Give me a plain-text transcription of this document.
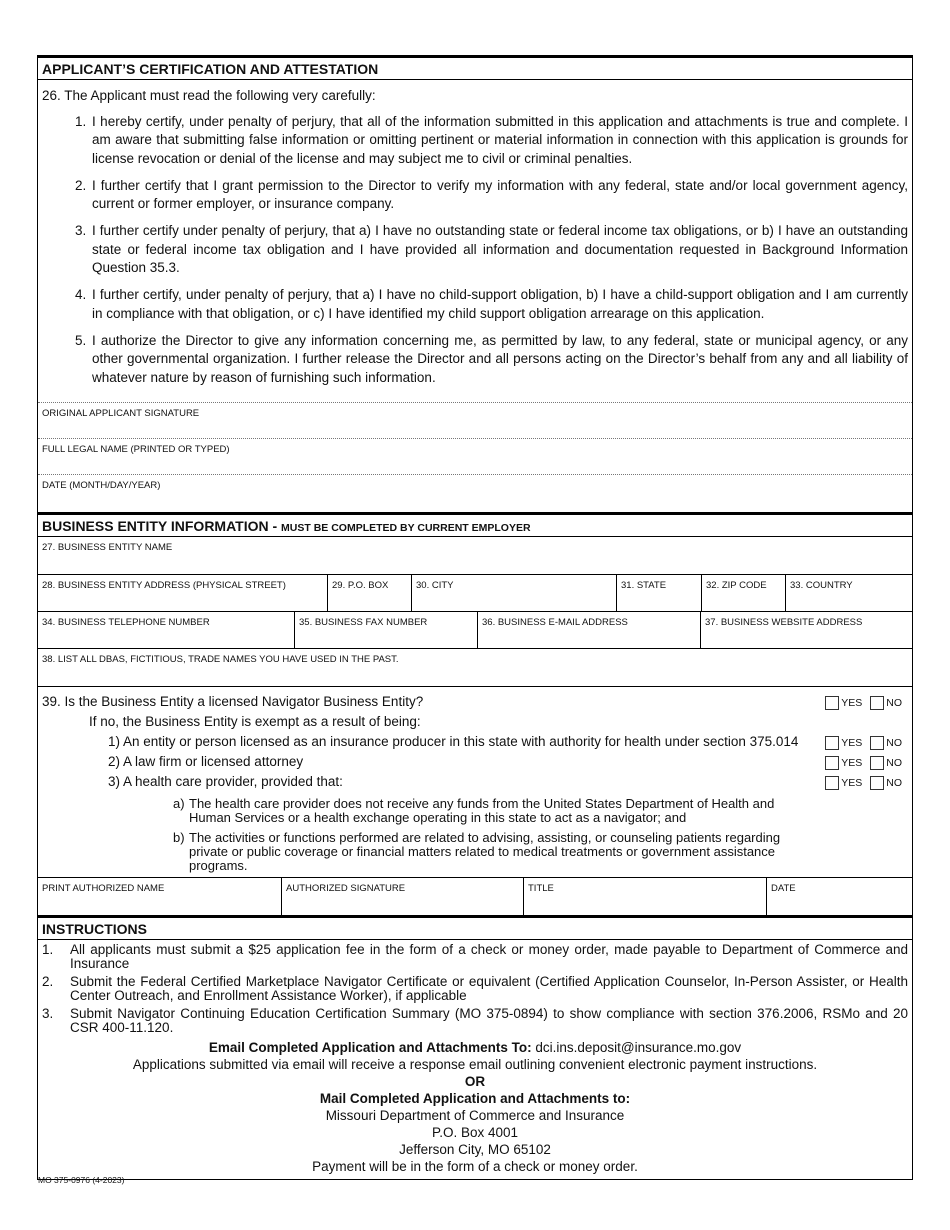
APPLICANT’S CERTIFICATION AND ATTESTATION
26. The Applicant must read the following very carefully:
1. I hereby certify, under penalty of perjury, that all of the information submitted in this application and attachments is true and complete. I am aware that submitting false information or omitting pertinent or material information in connection with this application is grounds for license revocation or denial of the license and may subject me to civil or criminal penalties.
2. I further certify that I grant permission to the Director to verify my information with any federal, state and/or local government agency, current or former employer, or insurance company.
3. I further certify under penalty of perjury, that a) I have no outstanding state or federal income tax obligations, or b) I have an outstanding state or federal income tax obligation and I have provided all information and documentation requested in Background Information Question 35.3.
4. I further certify, under penalty of perjury, that a) I have no child-support obligation, b) I have a child-support obligation and I am currently in compliance with that obligation, or c) I have identified my child support obligation arrearage on this application.
5. I authorize the Director to give any information concerning me, as permitted by law, to any federal, state or municipal agency, or any other governmental organization. I further release the Director and all persons acting on the Director’s behalf from any and all liability of whatever nature by reason of furnishing such information.
ORIGINAL APPLICANT SIGNATURE
FULL LEGAL NAME (PRINTED OR TYPED)
DATE (MONTH/DAY/YEAR)
BUSINESS ENTITY INFORMATION - MUST BE COMPLETED BY CURRENT EMPLOYER
27. BUSINESS ENTITY NAME
28. BUSINESS ENTITY ADDRESS (PHYSICAL STREET)	29. P.O. BOX	30. CITY	31. STATE	32. ZIP CODE	33. COUNTRY
34. BUSINESS TELEPHONE NUMBER	35. BUSINESS FAX NUMBER	36. BUSINESS E-MAIL ADDRESS	37. BUSINESS WEBSITE ADDRESS
38. LIST ALL DBAS, FICTITIOUS, TRADE NAMES YOU HAVE USED IN THE PAST.
39. Is the Business Entity a licensed Navigator Business Entity?	YES NO
If no, the Business Entity is exempt as a result of being:
1) An entity or person licensed as an insurance producer in this state with authority for health under section 375.014	YES NO
2) A law firm or licensed attorney	YES NO
3) A health care provider, provided that:	YES NO
a) The health care provider does not receive any funds from the United States Department of Health and Human Services or a health exchange operating in this state to act as a navigator; and
b) The activities or functions performed are related to advising, assisting, or counseling patients regarding private or public coverage or financial matters related to medical treatments or government assistance programs.
PRINT AUTHORIZED NAME	AUTHORIZED SIGNATURE	TITLE	DATE
INSTRUCTIONS
1.	All applicants must submit a $25 application fee in the form of a check or money order, made payable to Department of Commerce and Insurance
2.	Submit the Federal Certified Marketplace Navigator Certificate or equivalent (Certified Application Counselor, In-Person Assister, or Health Center Outreach, and Enrollment Assistance Worker), if applicable
3.	Submit Navigator Continuing Education Certification Summary (MO 375-0894) to show compliance with section 376.2006, RSMo and 20 CSR 400-11.120.
Email Completed Application and Attachments To: dci.ins.deposit@insurance.mo.gov
Applications submitted via email will receive a response email outlining convenient electronic payment instructions.
OR
Mail Completed Application and Attachments to:
Missouri Department of Commerce and Insurance
P.O. Box 4001
Jefferson City, MO 65102
Payment will be in the form of a check or money order.
MO 375-0976 (4-2023)
